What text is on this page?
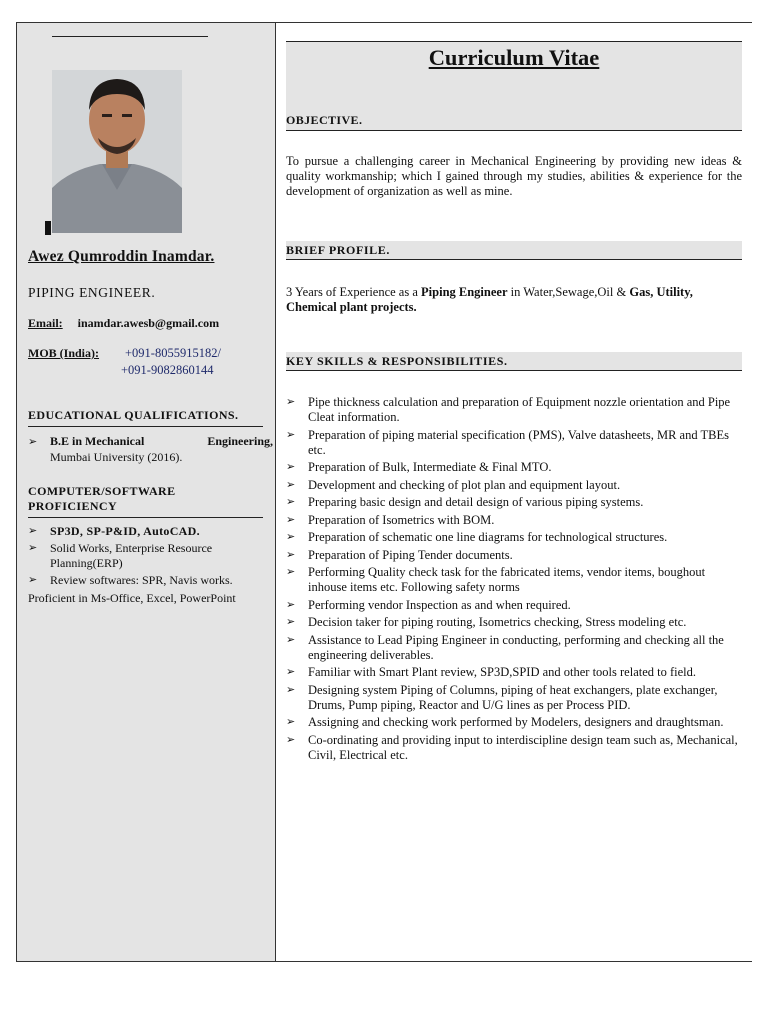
Awez Qumroddin Inamdar.
PIPING ENGINEER.
Email: inamdar.awesb@gmail.com
MOB (India): +091-8055915182/
+091-9082860144
EDUCATIONAL QUALIFICATIONS.
➢ B.E in Mechanical	Engineering,
Mumbai University (2016).
COMPUTER/SOFTWARE
PROFICIENCY
➢	SP3D, SP-P&ID, AutoCAD.
➢	Solid Works, Enterprise Resource Planning(ERP)
➢	Review softwares: SPR, Navis works.
Proficient in Ms-Office, Excel, PowerPoint
Curriculum Vitae
OBJECTIVE.
To pursue a challenging career in Mechanical Engineering by providing new ideas & quality workmanship; which I gained through my studies, abilities & experience for the development of organization as well as mine.
BRIEF PROFILE.
3 Years of Experience as a Piping Engineer in Water,Sewage,Oil & Gas, Utility, Chemical plant projects.
KEY SKILLS & RESPONSIBILITIES.
➢	Pipe thickness calculation and preparation of Equipment nozzle orientation and Pipe Cleat information.
➢	Preparation of piping material specification (PMS), Valve datasheets, MR and TBEs etc.
➢	Preparation of Bulk, Intermediate & Final MTO.
➢	Development and checking of plot plan and equipment layout.
➢	Preparing basic design and detail design of various piping systems.
➢	Preparation of Isometrics with BOM.
➢	Preparation of schematic one line diagrams for technological structures.
➢	Preparation of Piping Tender documents.
➢	Performing Quality check task for the fabricated items, vendor items, boughout inhouse items etc. Following safety norms
➢	Performing vendor Inspection as and when required.
➢	Decision taker for piping routing, Isometrics checking, Stress modeling etc.
➢	Assistance to Lead Piping Engineer in conducting, performing and checking all the engineering deliverables.
➢	Familiar with Smart Plant review, SP3D,SPID and other tools related to field.
➢	Designing system Piping of Columns, piping of heat exchangers, plate exchanger, Drums, Pump piping, Reactor and U/G lines as per Process PID.
➢	Assigning and checking work performed by Modelers, designers and draughtsman.
➢	Co-ordinating and providing input to interdiscipline design team such as, Mechanical, Civil, Electrical etc.
